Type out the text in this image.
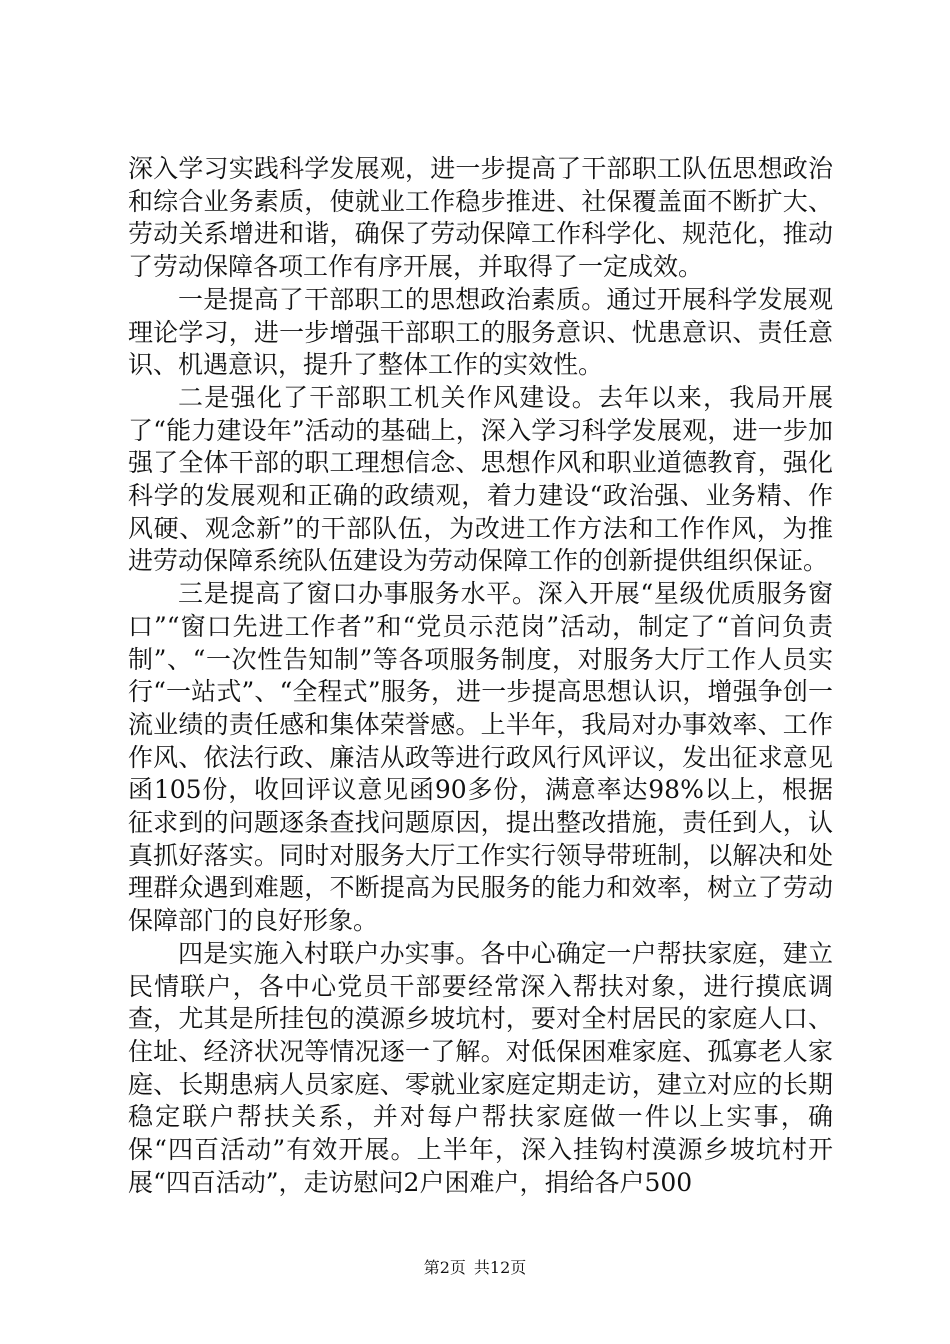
深入学习实践科学发展观，进一步提高了干部职工队伍思想政治和综合业务素质，使就业工作稳步推进、社保覆盖面不断扩大、劳动关系增进和谐，确保了劳动保障工作科学化、规范化，推动了劳动保障各项工作有序开展，并取得了一定成效。

一是提高了干部职工的思想政治素质。通过开展科学发展观理论学习，进一步增强干部职工的服务意识、忧患意识、责任意识、机遇意识，提升了整体工作的实效性。

二是强化了干部职工机关作风建设。去年以来，我局开展了“能力建设年”活动的基础上，深入学习科学发展观，进一步加强了全体干部的职工理想信念、思想作风和职业道德教育，强化科学的发展观和正确的政绩观，着力建设“政治强、业务精、作风硬、观念新”的干部队伍，为改进工作方法和工作作风，为推进劳动保障系统队伍建设为劳动保障工作的创新提供组织保证。

三是提高了窗口办事服务水平。深入开展“星级优质服务窗口”“窗口先进工作者”和“党员示范岗”活动，制定了“首问负责制”、“一次性告知制”等各项服务制度，对服务大厅工作人员实行“一站式”、“全程式”服务，进一步提高思想认识，增强争创一流业绩的责任感和集体荣誉感。上半年，我局对办事效率、工作作风、依法行政、廉洁从政等进行政风行风评议，发出征求意见函105份，收回评议意见函90多份，满意率达98%以上，根据征求到的问题逐条查找问题原因，提出整改措施，责任到人，认真抓好落实。同时对服务大厅工作实行领导带班制，以解决和处理群众遇到难题，不断提高为民服务的能力和效率，树立了劳动保障部门的良好形象。

四是实施入村联户办实事。各中心确定一户帮扶家庭，建立民情联户，各中心党员干部要经常深入帮扶对象，进行摸底调查，尤其是所挂包的漠源乡坡坑村，要对全村居民的家庭人口、住址、经济状况等情况逐一了解。对低保困难家庭、孤寡老人家庭、长期患病人员家庭、零就业家庭定期走访，建立对应的长期稳定联户帮扶关系，并对每户帮扶家庭做一件以上实事，确保“四百活动”有效开展。上半年，深入挂钩村漠源乡坡坑村开展“四百活动”，走访慰问2户困难户，捐给各户500

第2页 共12页
